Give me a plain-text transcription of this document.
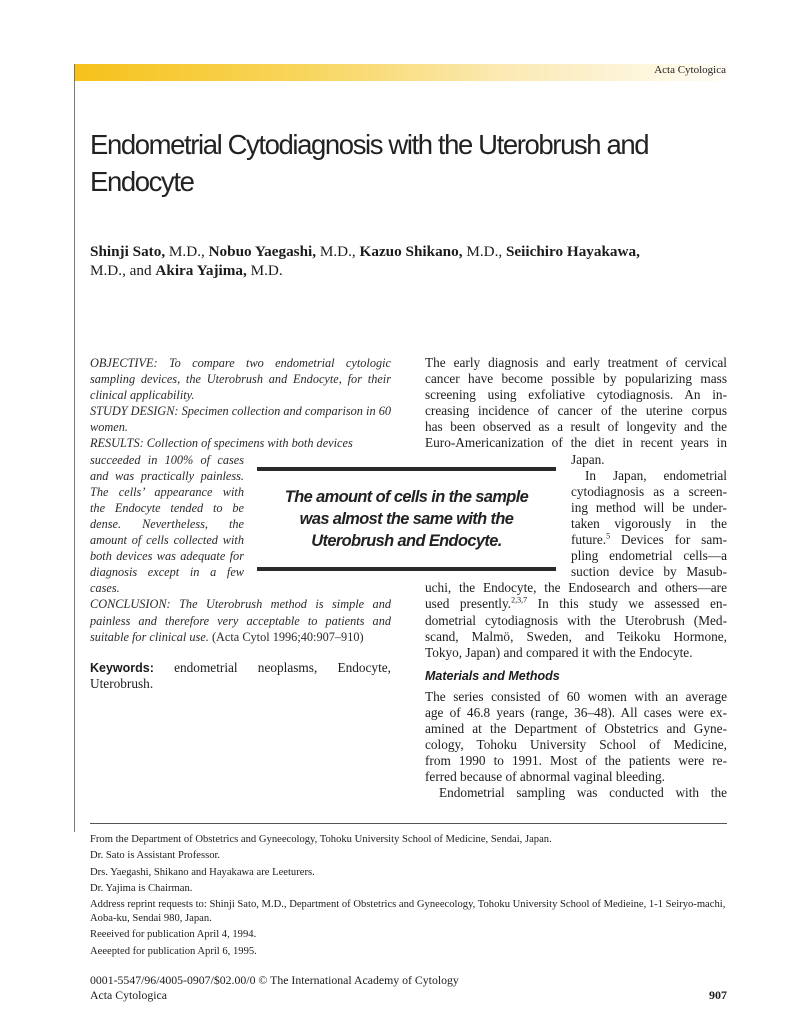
Acta Cytologica
Endometrial Cytodiagnosis with the Uterobrush and Endocyte

Shinji Sato, M.D., Nobuo Yaegashi, M.D., Kazuo Shikano, M.D., Seiichiro Hayakawa,
M.D., and Akira Yajima, M.D.

OBJECTIVE: To compare two endometrial cytologic sampling devices, the Uterobrush and Endocyte, for their clinical applicability.

STUDY DESIGN: Specimen collection and comparison in 60 women.

RESULTS: Collection of specimens with both devices

succeeded in 100% of cases
and was practically painless.
The cells’ appearance with
the Endocyte tended to be
dense. Nevertheless, the
amount of cells collected with
both devices was adequate for
diagnosis except in a few
cases.

CONCLUSION: The Uterobrush method is simple and painless and therefore very acceptable to patients and suitable for clinical use. (Acta Cytol 1996;40:907–910)

Keywords: endometrial neoplasms, Endocyte, Uterobrush.
The early diagnosis and early treatment of cervical
cancer have become possible by popularizing mass
screening using exfoliative cytodiagnosis. An in-
creasing incidence of cancer of the uterine corpus
has been observed as a result of longevity and the
Euro-Americanization of the diet in recent years in
Japan.
In Japan, endometrial
cytodiagnosis as a screen-
ing method will be under-
taken vigorously in the
future.$^5$ Devices for sam-
pling endometrial cells—a
suction device by Masub-
uchi, the Endocyte, the Endosearch and others—are
used presently.$^{2,3,7}$ In this study we assessed en-
dometrial cytodiagnosis with the Uterobrush (Med-
scand, Malmö, Sweden, and Teikoku Hormone,
Tokyo, Japan) and compared it with the Endocyte.
Materials and Methods
The series consisted of 60 women with an average
age of 46.8 years (range, 36–48). All cases were ex-
amined at the Department of Obstetrics and Gyne-
cology, Tohoku University School of Medicine,
from 1990 to 1991. Most of the patients were re-
ferred because of abnormal vaginal bleeding.
Endometrial sampling was conducted with the
The amount of cells in the sample was almost the same with the Uterobrush and Endocyte.

From the Department of Obstetrics and Gyneecology, Tohoku University School of Medicine, Sendai, Japan.

Dr. Sato is Assistant Professor.

Drs. Yaegashi, Shikano and Hayakawa are Leeturers.

Dr. Yajima is Chairman.

Address reprint requests to: Shinji Sato, M.D., Department of Obstetrics and Gyneecology, Tohoku University School of Medieine, 1-1 Seiryo-machi, Aoba-ku, Sendai 980, Japan.

Reeeived for publication April 4, 1994.

Aeeepted for publication April 6, 1995.

0001-5547/96/4005-0907/$02.00/0 © The International Academy of Cytology
Acta Cytologica	907
